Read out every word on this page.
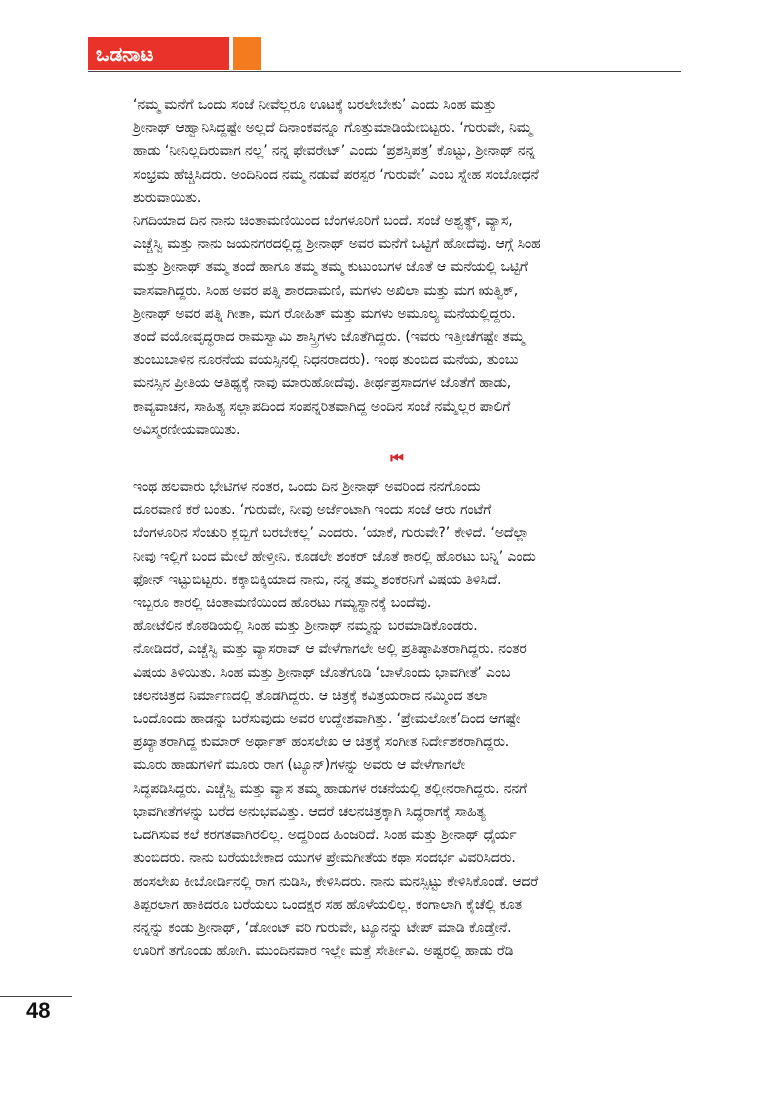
ಒಡನಾಟ

‘ನಮ್ಮ ಮನೆಗೆ ಒಂದು ಸಂಜೆ ನೀವೆಲ್ಲರೂ ಊಟಕ್ಕೆ ಬರಲೇಬೇಕು’ ಎಂದು ಸಿಂಹ ಮತ್ತು
ಶ್ರೀನಾಥ್ ಆಹ್ವಾನಿಸಿದ್ದಷ್ಟೇ ಅಲ್ಲದೆ ದಿನಾಂಕವನ್ನೂ ಗೊತ್ತುಮಾಡಿಯೇಬಿಟ್ಟರು. ‘ಗುರುವೇ, ನಿಮ್ಮ
ಹಾಡು ‘ನೀನಿಲ್ಲದಿರುವಾಗ ನಲ್ಲ’ ನನ್ನ ಫೇವರೇಟ್’ ಎಂದು ‘ಪ್ರಶಸ್ತಿಪತ್ರ’ ಕೊಟ್ಟು, ಶ್ರೀನಾಥ್ ನನ್ನ
ಸಂಭ್ರಮ ಹೆಚ್ಚಿಸಿದರು. ಅಂದಿನಿಂದ ನಮ್ಮ ನಡುವೆ ಪರಸ್ಪರ ‘ಗುರುವೇ’ ಎಂಬ ಸ್ನೇಹ ಸಂಬೋಧನೆ
ಶುರುವಾಯಿತು.

ನಿಗದಿಯಾದ ದಿನ ನಾನು ಚಿಂತಾಮಣಿಯಿಂದ ಬೆಂಗಳೂರಿಗೆ ಬಂದೆ. ಸಂಜೆ ಅಶ್ವತ್ಥ್, ವ್ಯಾಸ,
ಎಚ್ಚೆಸ್ವಿ ಮತ್ತು ನಾನು ಜಯನಗರದಲ್ಲಿದ್ದ ಶ್ರೀನಾಥ್ ಅವರ ಮನೆಗೆ ಒಟ್ಟಿಗೆ ಹೋದೆವು. ಆಗ್ಗೆ ಸಿಂಹ
ಮತ್ತು ಶ್ರೀನಾಥ್ ತಮ್ಮ ತಂದೆ ಹಾಗೂ ತಮ್ಮ ತಮ್ಮ ಕುಟುಂಬಗಳ ಜೊತೆ ಆ ಮನೆಯಲ್ಲಿ ಒಟ್ಟಿಗೆ
ವಾಸವಾಗಿದ್ದರು. ಸಿಂಹ ಅವರ ಪತ್ನಿ ಶಾರದಾಮಣಿ, ಮಗಳು ಅಖಿಲಾ ಮತ್ತು ಮಗ ಋತ್ವಿಕ್,
ಶ್ರೀನಾಥ್ ಅವರ ಪತ್ನಿ ಗೀತಾ, ಮಗ ರೋಹಿತ್ ಮತ್ತು ಮಗಳು ಅಮೂಲ್ಯ ಮನೆಯಲ್ಲಿದ್ದರು.
ತಂದೆ ವಯೋವೃದ್ಧರಾದ ರಾಮಸ್ವಾಮಿ ಶಾಸ್ತ್ರಿಗಳು ಜೊತೆಗಿದ್ದರು. (ಇವರು ಇತ್ತೀಚೆಗಷ್ಟೇ ತಮ್ಮ
ತುಂಬುಬಾಳಿನ ನೂರನೆಯ ವಯಸ್ಸಿನಲ್ಲಿ ನಿಧನರಾದರು). ಇಂಥ ತುಂಬಿದ ಮನೆಯ, ತುಂಬು
ಮನಸ್ಸಿನ ಪ್ರೀತಿಯ ಆತಿಥ್ಯಕ್ಕೆ ನಾವು ಮಾರುಹೋದೆವು. ತೀರ್ಥಪ್ರಸಾದಗಳ ಜೊತೆಗೆ ಹಾಡು,
ಕಾವ್ಯವಾಚನ, ಸಾಹಿತ್ಯ ಸಲ್ಲಾಪದಿಂದ ಸಂಪನ್ನರಿತವಾಗಿದ್ದ ಅಂದಿನ ಸಂಜೆ ನಮ್ಮೆಲ್ಲರ ಪಾಲಿಗೆ
ಅವಿಸ್ಮರಣೀಯವಾಯಿತು.

⏮

ಇಂಥ ಹಲವಾರು ಭೇಟಿಗಳ ನಂತರ, ಒಂದು ದಿನ ಶ್ರೀನಾಥ್ ಅವರಿಂದ ನನಗೊಂದು
ದೂರವಾಣಿ ಕರೆ ಬಂತು. ‘ಗುರುವೇ, ನೀವು ಅರ್ಜೆಂಟಾಗಿ ಇಂದು ಸಂಜೆ ಆರು ಗಂಟೆಗೆ
ಬೆಂಗಳೂರಿನ ಸೆಂಚುರಿ ಕ್ಲಬ್ಬಿಗೆ ಬರಬೇಕಲ್ಲ’ ಎಂದರು. ‘ಯಾಕೆ, ಗುರುವೇ?’ ಕೇಳಿದೆ. ‘ಅದೆಲ್ಲಾ
ನೀವು ಇಲ್ಲಿಗೆ ಬಂದ ಮೇಲೆ ಹೇಳ್ತೀನಿ. ಕೂಡಲೇ ಶಂಕರ್ ಜೊತೆ ಕಾರಲ್ಲಿ ಹೊರಟು ಬನ್ನಿ’ ಎಂದು
ಫೋನ್ ಇಟ್ಟುಬಿಟ್ಟರು. ಕಕ್ಕಾಬಿಕ್ಕಿಯಾದ ನಾನು, ನನ್ನ ತಮ್ಮ ಶಂಕರನಿಗೆ ವಿಷಯ ತಿಳಿಸಿದೆ.
ಇಬ್ಬರೂ ಕಾರಲ್ಲಿ ಚಿಂತಾಮಣಿಯಿಂದ ಹೊರಟು ಗಮ್ಯಸ್ಥಾನಕ್ಕೆ ಬಂದೆವು.

ಹೋಟೆಲಿನ ಕೊಠಡಿಯಲ್ಲಿ ಸಿಂಹ ಮತ್ತು ಶ್ರೀನಾಥ್ ನಮ್ಮನ್ನು ಬರಮಾಡಿಕೊಂಡರು.
ನೋಡಿದರೆ, ಎಚ್ಚೆಸ್ವಿ ಮತ್ತು ವ್ಯಾಸರಾವ್ ಆ ವೇಳೆಗಾಗಲೇ ಅಲ್ಲಿ ಪ್ರತಿಷ್ಠಾಪಿತರಾಗಿದ್ದರು. ನಂತರ
ವಿಷಯ ತಿಳಿಯಿತು. ಸಿಂಹ ಮತ್ತು ಶ್ರೀನಾಥ್ ಜೊತೆಗೂಡಿ ‘ಬಾಳೊಂದು ಭಾವಗೀತೆ’ ಎಂಬ
ಚಲನಚಿತ್ರದ ನಿರ್ಮಾಣದಲ್ಲಿ ತೊಡಗಿದ್ದರು. ಆ ಚಿತ್ರಕ್ಕೆ ಕವಿತ್ರಯರಾದ ನಮ್ಮಿಂದ ತಲಾ
ಒಂದೊಂದು ಹಾಡನ್ನು ಬರೆಸುವುದು ಅವರ ಉದ್ದೇಶವಾಗಿತ್ತು. ‘ಪ್ರೇಮಲೋಕ’ದಿಂದ ಆಗಷ್ಟೇ
ಪ್ರಖ್ಯಾತರಾಗಿದ್ದ ಕುಮಾರ್ ಅರ್ಥಾತ್ ಹಂಸಲೇಖ ಆ ಚಿತ್ರಕ್ಕೆ ಸಂಗೀತ ನಿರ್ದೇಶಕರಾಗಿದ್ದರು.
ಮೂರು ಹಾಡುಗಳಿಗೆ ಮೂರು ರಾಗ (ಟ್ಯೂನ್)ಗಳನ್ನು ಅವರು ಆ ವೇಳೆಗಾಗಲೇ
ಸಿದ್ಧಪಡಿಸಿದ್ದರು. ಎಚ್ಚೆಸ್ವಿ ಮತ್ತು ವ್ಯಾಸ ತಮ್ಮ ಹಾಡುಗಳ ರಚನೆಯಲ್ಲಿ ತಲ್ಲೀನರಾಗಿದ್ದರು. ನನಗೆ
ಭಾವಗೀತೆಗಳನ್ನು ಬರೆದ ಅನುಭವವಿತ್ತು. ಆದರೆ ಚಲನಚಿತ್ರಕ್ಕಾಗಿ ಸಿದ್ಧರಾಗಕ್ಕೆ ಸಾಹಿತ್ಯ
ಒದಗಿಸುವ ಕಲೆ ಕರಗತವಾಗಿರಲಿಲ್ಲ. ಅದ್ದರಿಂದ ಹಿಂಜರಿದೆ. ಸಿಂಹ ಮತ್ತು ಶ್ರೀನಾಥ್ ಧೈರ್ಯ
ತುಂಬಿದರು. ನಾನು ಬರೆಯಬೇಕಾದ ಯುಗಳ ಪ್ರೇಮಗೀತೆಯ ಕಥಾ ಸಂದರ್ಭ ವಿವರಿಸಿದರು.
ಹಂಸಲೇಖ ಕೀಬೋರ್ಡಿನಲ್ಲಿ ರಾಗ ನುಡಿಸಿ, ಕೇಳಿಸಿದರು. ನಾನು ಮನಸ್ಸಿಟ್ಟು ಕೇಳಿಸಿಕೊಂಡೆ. ಆದರೆ
ತಿಪ್ಪರಲಾಗ ಹಾಕಿದರೂ ಬರೆಯಲು ಒಂದಕ್ಷರ ಸಹ ಹೊಳೆಯಲಿಲ್ಲ. ಕಂಗಾಲಾಗಿ ಕೈಚೆಲ್ಲಿ ಕೂತ
ನನ್ನನ್ನು ಕಂಡು ಶ್ರೀನಾಥ್, ‘ಡೋಂಟ್ ವರಿ ಗುರುವೇ, ಟ್ಯೂನನ್ನು ಟೇಪ್ ಮಾಡಿ ಕೊಡ್ತೇನೆ.
ಊರಿಗೆ ತಗೊಂಡು ಹೋಗಿ. ಮುಂದಿನವಾರ ಇಲ್ಲೇ ಮತ್ತೆ ಸೇರ್ತೀವಿ. ಅಷ್ಟರಲ್ಲಿ ಹಾಡು ರೆಡಿ

48
